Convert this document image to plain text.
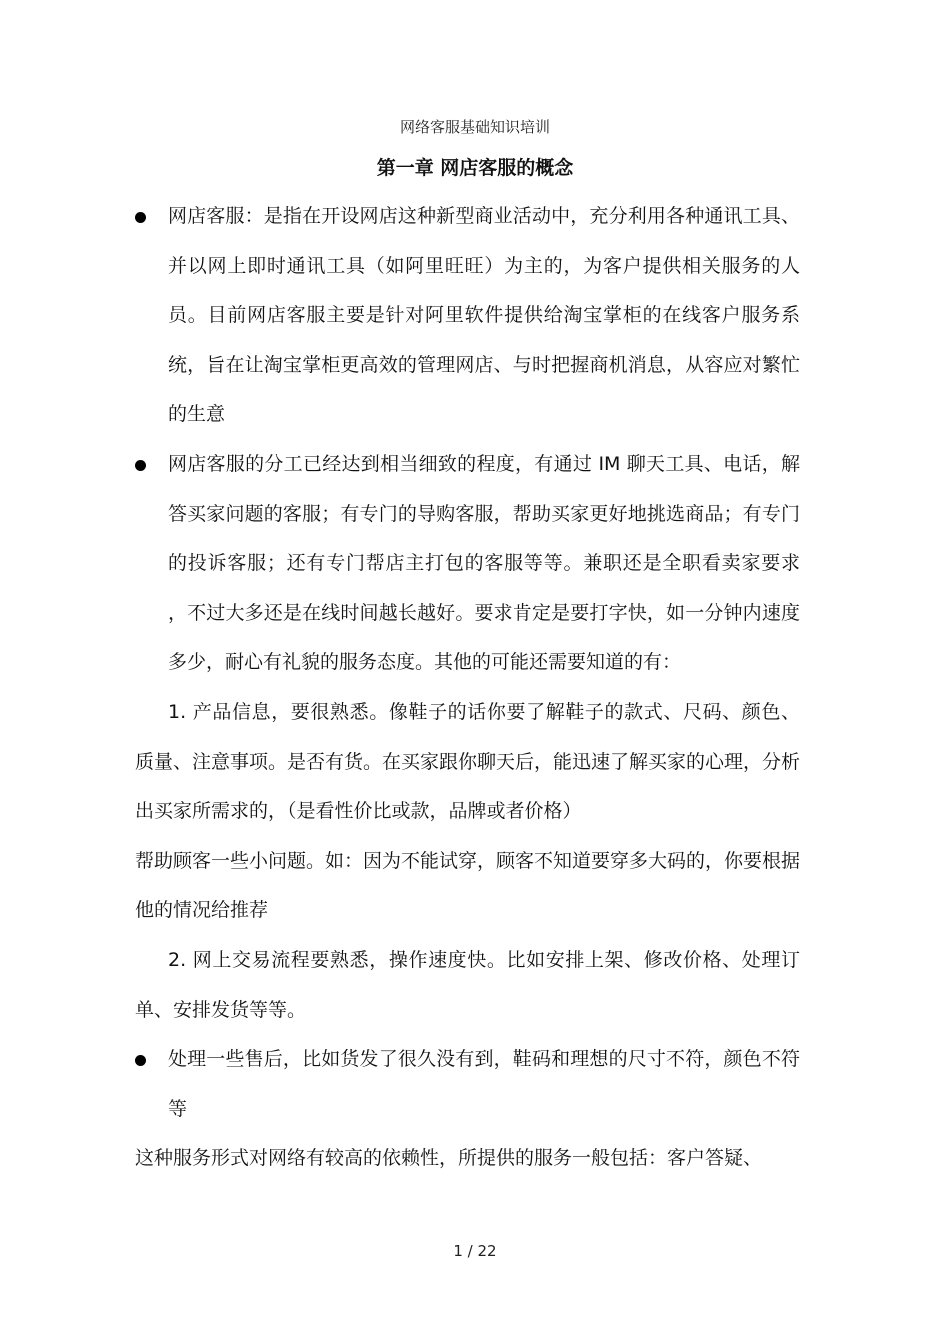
网络客服基础知识培训
第一章 网店客服的概念

网店客服：是指在开设网店这种新型商业活动中，充分利用各种通讯工具、并以网上即时通讯工具（如阿里旺旺）为主的，为客户提供相关服务的人员。目前网店客服主要是针对阿里软件提供给淘宝掌柜的在线客户服务系统，旨在让淘宝掌柜更高效的管理网店、与时把握商机消息，从容应对繁忙的生意

网店客服的分工已经达到相当细致的程度，有通过 IM 聊天工具、电话，解答买家问题的客服；有专门的导购客服，帮助买家更好地挑选商品；有专门的投诉客服；还有专门帮店主打包的客服等等。兼职还是全职看卖家要求 ，不过大多还是在线时间越长越好。要求肯定是要打字快，如一分钟内速度多少，耐心有礼貌的服务态度。其他的可能还需要知道的有：

1. 产品信息，要很熟悉。像鞋子的话你要了解鞋子的款式、尺码、颜色、质量、注意事项。是否有货。在买家跟你聊天后，能迅速了解买家的心理，分析出买家所需求的，（是看性价比或款，品牌或者价格）

帮助顾客一些小问题。如：因为不能试穿，顾客不知道要穿多大码的，你要根据他的情况给推荐

2. 网上交易流程要熟悉，操作速度快。比如安排上架、修改价格、处理订单、安排发货等等。

处理一些售后，比如货发了很久没有到，鞋码和理想的尺寸不符，颜色不符等

这种服务形式对网络有较高的依赖性，所提供的服务一般包括：客户答疑、

1 / 22
